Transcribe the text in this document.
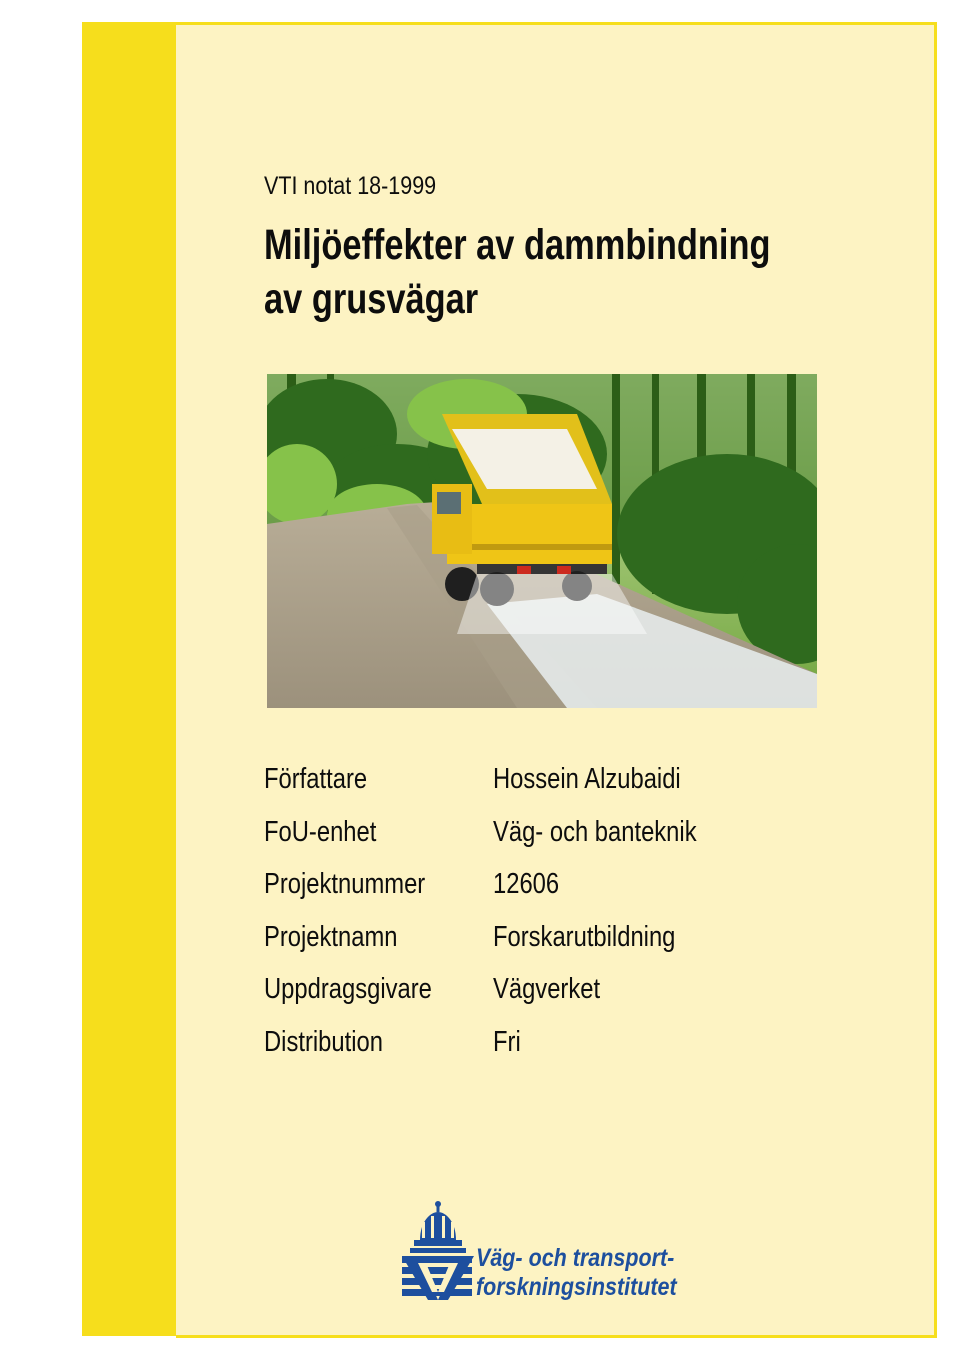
VTI notat 18-1999
Miljöeffekter av dammbindning
av grusvägar
Författare	Hossein Alzubaidi
FoU-enhet	Väg- och banteknik
Projektnummer 12606
Projektnamn	Forskarutbildning
Uppdragsgivare Vägverket
Distribution	Fri
Väg- och transport-
forskningsinstitutet
